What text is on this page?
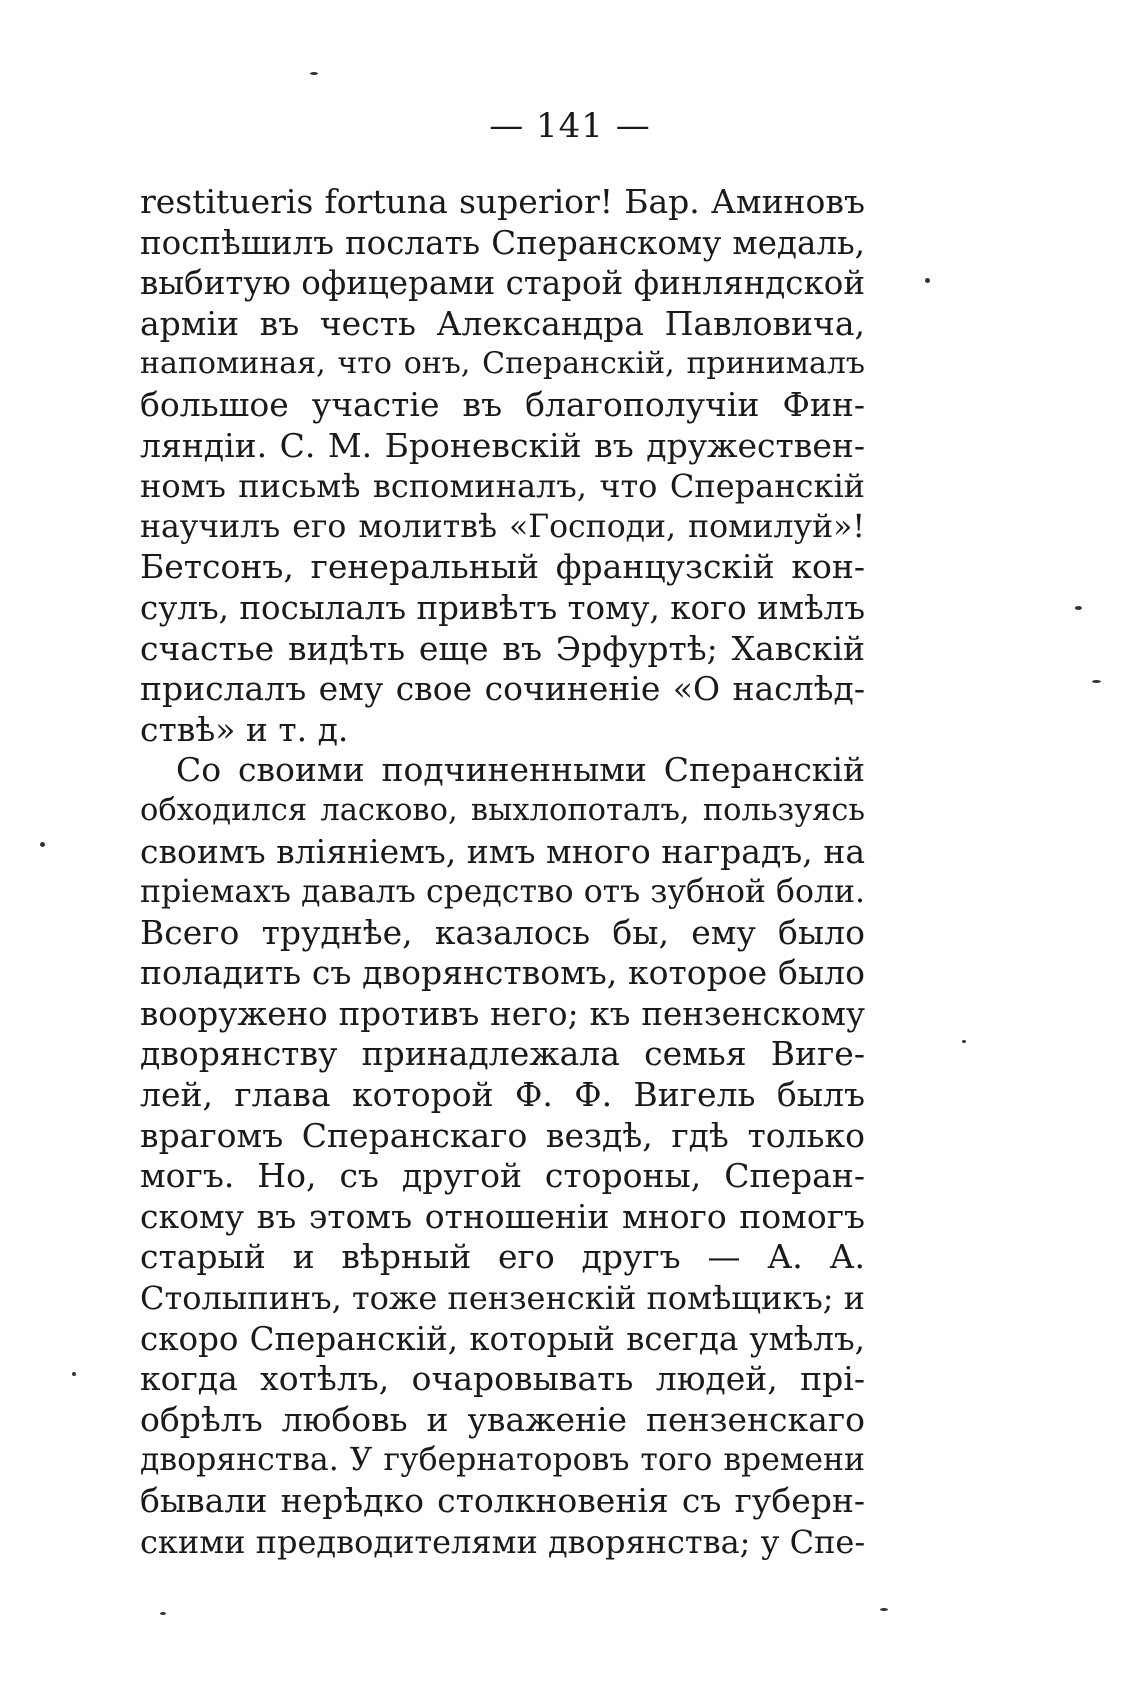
— 141 —
restitueris fortuna superior! Бар. Аминовъ
поспѣшилъ послать Сперанскому медаль,
выбитую офицерами старой финляндской
арміи въ честь Александра Павловича,
напоминая, что онъ, Сперанскій, принималъ
большое участіе въ благополучіи Фин-
ляндіи. С. М. Броневскій въ дружествен-
номъ письмѣ вспоминалъ, что Сперанскій
научилъ его молитвѣ «Господи, помилуй»!
Бетсонъ, генеральный французскій кон-
сулъ, посылалъ привѣтъ тому, кого имѣлъ
счастье видѣть еще въ Эрфуртѣ; Хавскій
прислалъ ему свое сочиненіе «О наслѣд-
ствѣ» и т. д.
Со своими подчиненными Сперанскій
обходился ласково, выхлопоталъ, пользуясь
своимъ вліяніемъ, имъ много наградъ, на
пріемахъ давалъ средство отъ зубной боли.
Всего труднѣе, казалось бы, ему было
поладить съ дворянствомъ, которое было
вооружено противъ него; къ пензенскому
дворянству принадлежала семья Виге-
лей, глава которой Ф. Ф. Вигель былъ
врагомъ Сперанскаго вездѣ, гдѣ только
могъ. Но, съ другой стороны, Сперан-
скому въ этомъ отношеніи много помогъ
старый и вѣрный его другъ — А. А.
Столыпинъ, тоже пензенскій помѣщикъ; и
скоро Сперанскій, который всегда умѣлъ,
когда хотѣлъ, очаровывать людей, прі-
обрѣлъ любовь и уваженіе пензенскаго
дворянства. У губернаторовъ того времени
бывали нерѣдко столкновенія съ губерн-
скими предводителями дворянства; у Спе-
